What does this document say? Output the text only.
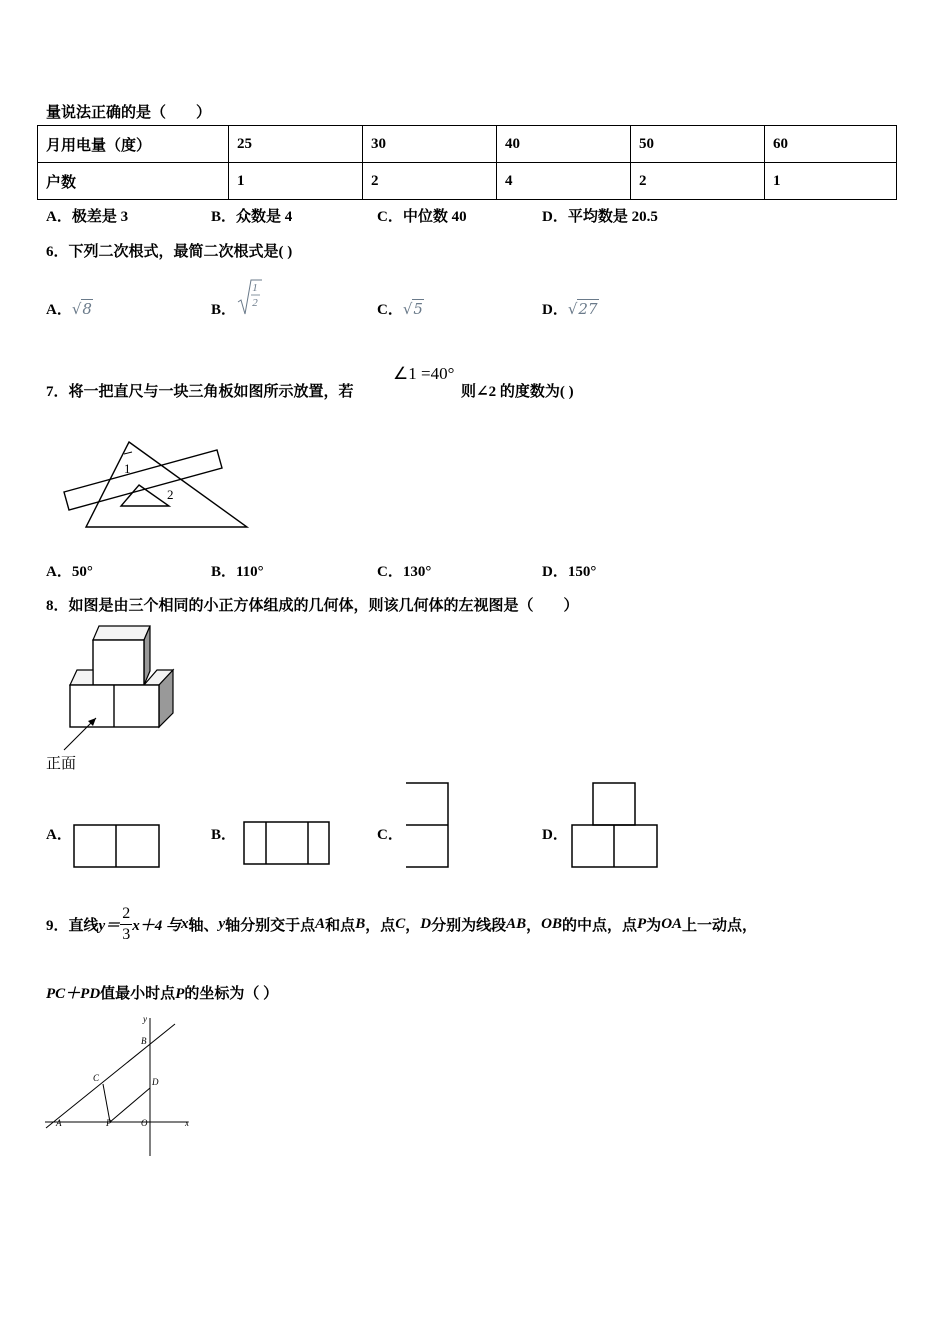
量说法正确的是（　　）
月用电量（度）	25	30	40	50	60
户数	1	2	4	2	1
A．极差是 3	B．众数是 4	C．中位数 40	D．平均数是 20.5
6．下列二次根式，最简二次根式是( )
A．√8	B．
1
2	C．√5	D．√27
7．将一把直尺与一块三角板如图所示放置，若
∠1 =40°
则∠2 的度数为( )
1
2
A．50°	B．110°	C．130°	D．150°
8．如图是由三个相同的小正方体组成的几何体，则该几何体的左视图是（　　）
正面
A．	B．	C．	D．
9．直线 $y= \frac{2}{3} x+4$ 与 x 轴、 y 轴分别交于点 A 和点 B ，点 C ， D 分别为线段 AB ， OB 的中点，点 P 为 OA 上一动点，
PC＋PD值最小时点P的坐标为（ ）
y
x
B
C	D
A	P	O
